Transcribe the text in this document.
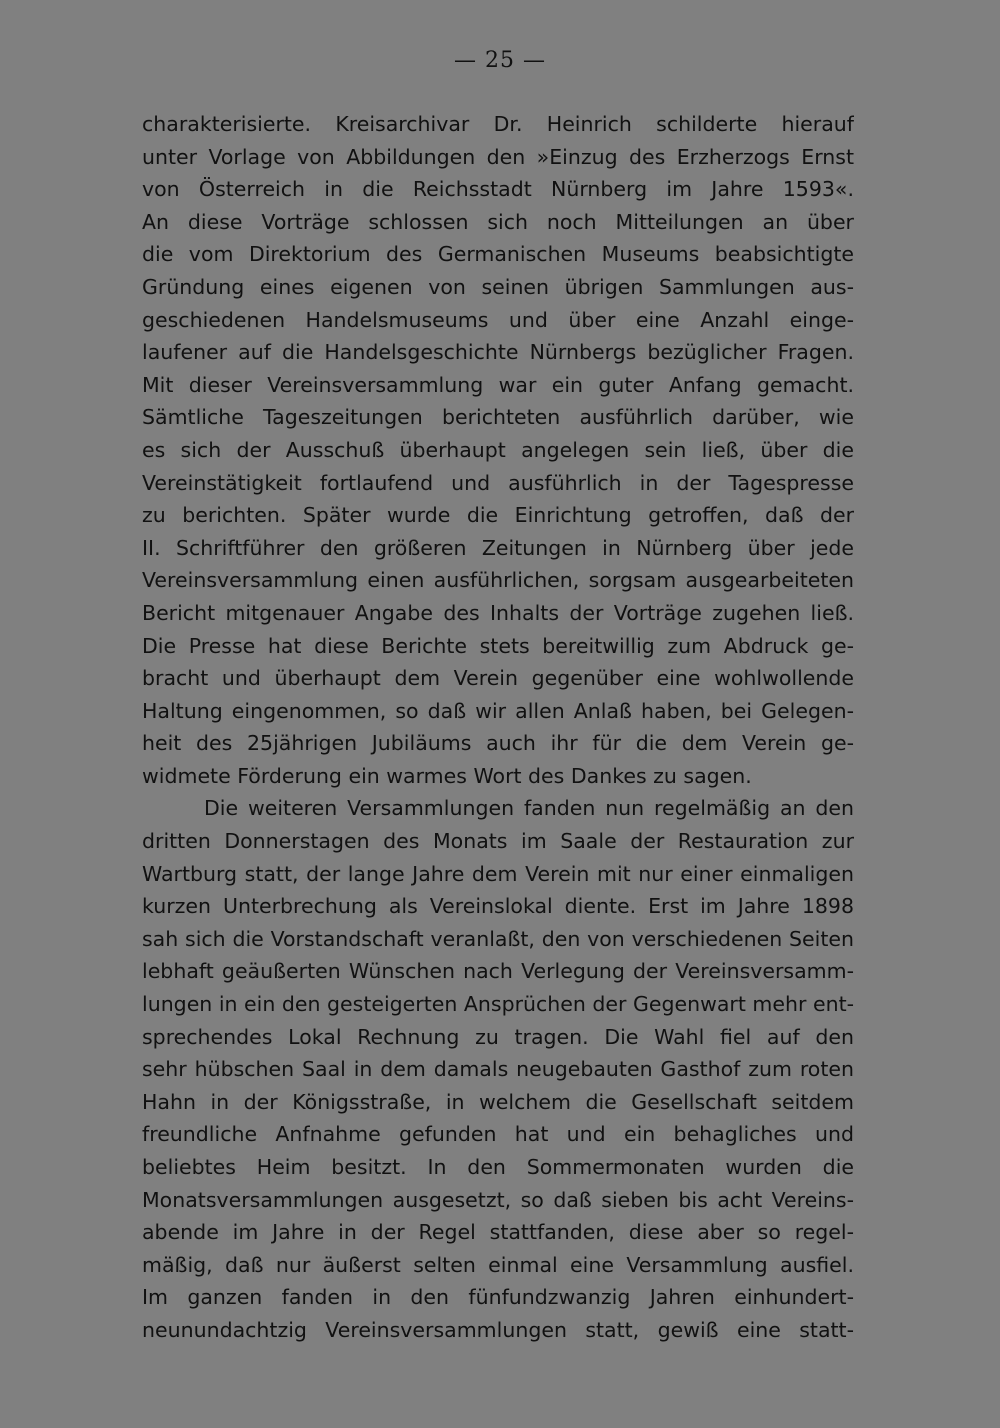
— 25 —
charakterisierte. Kreisarchivar Dr. Heinrich schilderte hierauf
unter Vorlage von Abbildungen den »Einzug des Erzherzogs Ernst
von Österreich in die Reichsstadt Nürnberg im Jahre 1593«.
An diese Vorträge schlossen sich noch Mitteilungen an über
die vom Direktorium des Germanischen Museums beabsichtigte
Gründung eines eigenen von seinen übrigen Sammlungen aus-
geschiedenen Handelsmuseums und über eine Anzahl einge-
laufener auf die Handelsgeschichte Nürnbergs bezüglicher Fragen.
Mit dieser Vereinsversammlung war ein guter Anfang gemacht.
Sämtliche Tageszeitungen berichteten ausführlich darüber, wie
es sich der Ausschuß überhaupt angelegen sein ließ, über die
Vereinstätigkeit fortlaufend und ausführlich in der Tagespresse
zu berichten. Später wurde die Einrichtung getroffen, daß der
II. Schriftführer den größeren Zeitungen in Nürnberg über jede
Vereinsversammlung einen ausführlichen, sorgsam ausgearbeiteten
Bericht mitgenauer Angabe des Inhalts der Vorträge zugehen ließ.
Die Presse hat diese Berichte stets bereitwillig zum Abdruck ge-
bracht und überhaupt dem Verein gegenüber eine wohlwollende
Haltung eingenommen, so daß wir allen Anlaß haben, bei Gelegen-
heit des 25jährigen Jubiläums auch ihr für die dem Verein ge-
widmete Förderung ein warmes Wort des Dankes zu sagen.
Die weiteren Versammlungen fanden nun regelmäßig an den
dritten Donnerstagen des Monats im Saale der Restauration zur
Wartburg statt, der lange Jahre dem Verein mit nur einer einmaligen
kurzen Unterbrechung als Vereinslokal diente. Erst im Jahre 1898
sah sich die Vorstandschaft veranlaßt, den von verschiedenen Seiten
lebhaft geäußerten Wünschen nach Verlegung der Vereinsversamm-
lungen in ein den gesteigerten Ansprüchen der Gegenwart mehr ent-
sprechendes Lokal Rechnung zu tragen. Die Wahl fiel auf den
sehr hübschen Saal in dem damals neugebauten Gasthof zum roten
Hahn in der Königsstraße, in welchem die Gesellschaft seitdem
freundliche Anfnahme gefunden hat und ein behagliches und
beliebtes Heim besitzt. In den Sommermonaten wurden die
Monatsversammlungen ausgesetzt, so daß sieben bis acht Vereins-
abende im Jahre in der Regel stattfanden, diese aber so regel-
mäßig, daß nur äußerst selten einmal eine Versammlung ausfiel.
Im ganzen fanden in den fünfundzwanzig Jahren einhundert-
neunundachtzig Vereinsversammlungen statt, gewiß eine statt-
